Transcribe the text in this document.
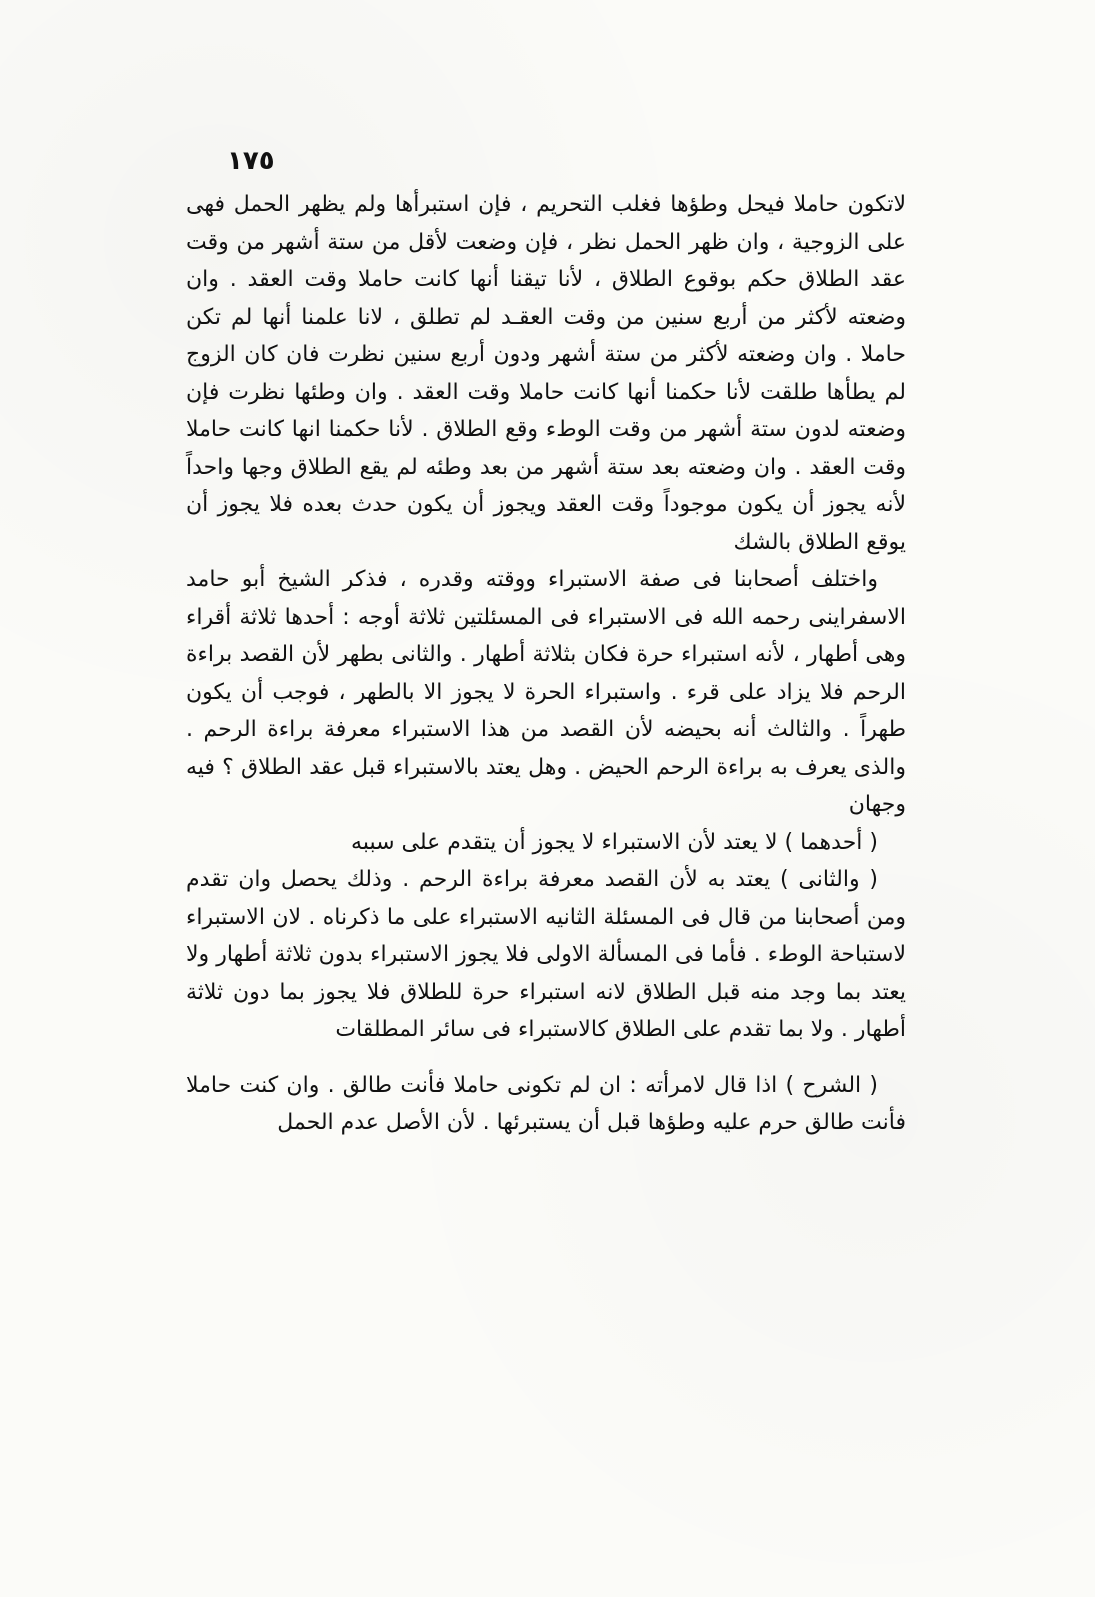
١٧٥

لاتكون حاملا فيحل وطؤها فغلب التحريم ، فإن استبرأها ولم يظهر الحمل فهى على الزوجية ، وان ظهر الحمل نظر ، فإن وضعت لأقل من ستة أشهر من وقت عقد الطلاق حكم بوقوع الطلاق ، لأنا تيقنا أنها كانت حاملا وقت العقد . وان وضعته لأكثر من أربع سنين من وقت العقـد لم تطلق ، لانا علمنا أنها لم تكن حاملا . وان وضعته لأكثر من ستة أشهر ودون أربع سنين نظرت فان كان الزوج لم يطأها طلقت لأنا حكمنا أنها كانت حاملا وقت العقد . وان وطئها نظرت فإن وضعته لدون ستة أشهر من وقت الوطء وقع الطلاق . لأنا حكمنا انها كانت حاملا وقت العقد . وان وضعته بعد ستة أشهر من بعد وطئه لم يقع الطلاق وجها واحداً لأنه يجوز أن يكون موجوداً وقت العقد ويجوز أن يكون حدث بعده فلا يجوز أن يوقع الطلاق بالشك

واختلف أصحابنا فى صفة الاستبراء ووقته وقدره ، فذكر الشيخ أبو حامد الاسفراينى رحمه الله فى الاستبراء فى المسئلتين ثلاثة أوجه : أحدها ثلاثة أقراء وهى أطهار ، لأنه استبراء حرة فكان بثلاثة أطهار . والثانى بطهر لأن القصد براءة الرحم فلا يزاد على قرء . واستبراء الحرة لا يجوز الا بالطهر ، فوجب أن يكون طهراً . والثالث أنه بحيضه لأن القصد من هذا الاستبراء معرفة براءة الرحم . والذى يعرف به براءة الرحم الحيض . وهل يعتد بالاستبراء قبل عقد الطلاق ؟ فيه وجهان

( أحدهما ) لا يعتد لأن الاستبراء لا يجوز أن يتقدم على سببه

( والثانى ) يعتد به لأن القصد معرفة براءة الرحم . وذلك يحصل وان تقدم ومن أصحابنا من قال فى المسئلة الثانيه الاستبراء على ما ذكرناه . لان الاستبراء لاستباحة الوطء . فأما فى المسألة الاولى فلا يجوز الاستبراء بدون ثلاثة أطهار ولا يعتد بما وجد منه قبل الطلاق لانه استبراء حرة للطلاق فلا يجوز بما دون ثلاثة أطهار . ولا بما تقدم على الطلاق كالاستبراء فى سائر المطلقات

( الشرح ) اذا قال لامرأته : ان لم تكونى حاملا فأنت طالق . وان كنت حاملا فأنت طالق حرم عليه وطؤها قبل أن يستبرئها . لأن الأصل عدم الحمل
